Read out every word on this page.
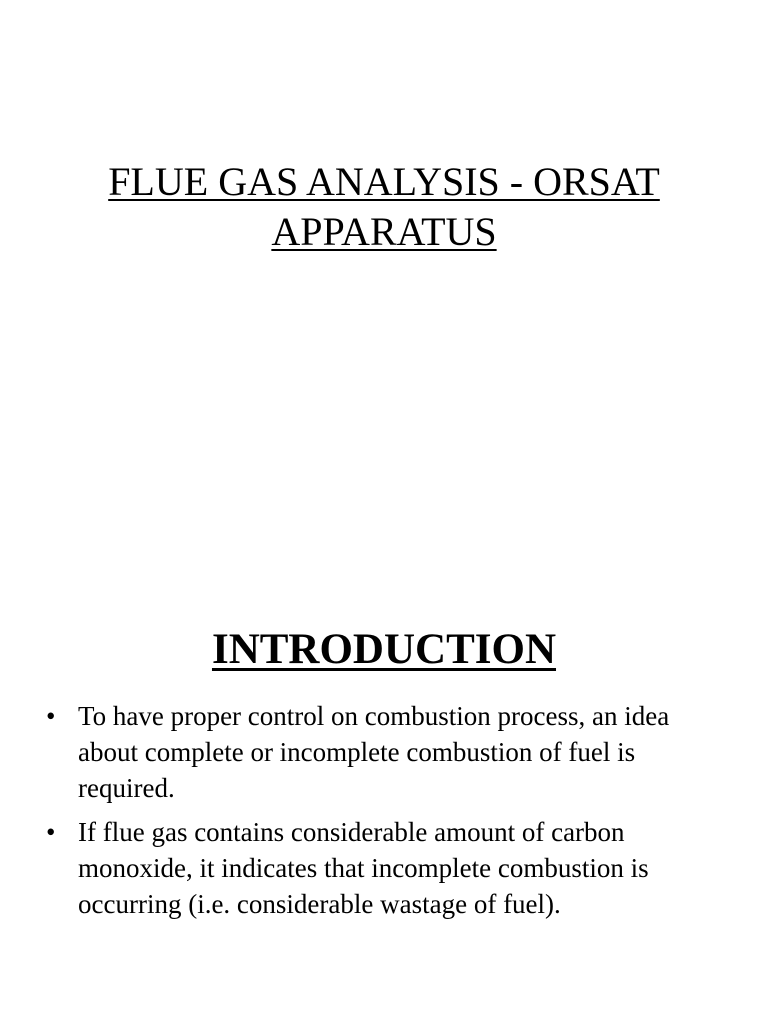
FLUE GAS ANALYSIS - ORSAT
APPARATUS
INTRODUCTION
• To have proper control on combustion process, an idea about complete or incomplete combustion of fuel is required.
• If flue gas contains considerable amount of carbon monoxide, it indicates that incomplete combustion is occurring (i.e. considerable wastage of fuel).
